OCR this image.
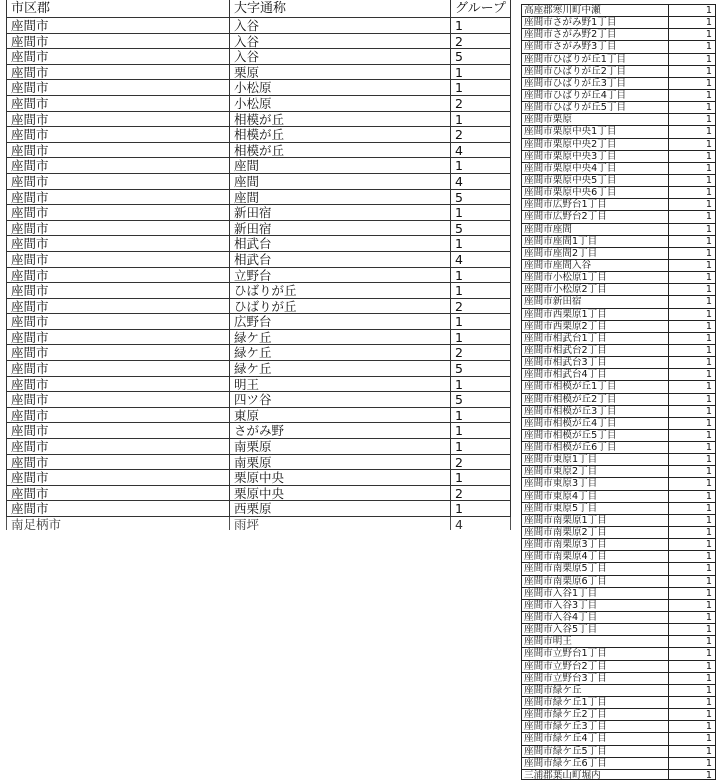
市区郡	大字通称	グループ
座間市	入谷	1
座間市	入谷	2
座間市	入谷	5
座間市	栗原	1
座間市	小松原	1
座間市	小松原	2
座間市	相模が丘	1
座間市	相模が丘	2
座間市	相模が丘	4
座間市	座間	1
座間市	座間	4
座間市	座間	5
座間市	新田宿	1
座間市	新田宿	5
座間市	相武台	1
座間市	相武台	4
座間市	立野台	1
座間市	ひばりが丘	1
座間市	ひばりが丘	2
座間市	広野台	1
座間市	緑ケ丘	1
座間市	緑ケ丘	2
座間市	緑ケ丘	5
座間市	明王	1
座間市	四ツ谷	5
座間市	東原	1
座間市	さがみ野	1
座間市	南栗原	1
座間市	南栗原	2
座間市	栗原中央	1
座間市	栗原中央	2
座間市	西栗原	1
南足柄市	雨坪	4
高座郡寒川町中瀬	1
座間市さがみ野1丁目	1
座間市さがみ野2丁目	1
座間市さがみ野3丁目	1
座間市ひばりが丘1丁目	1
座間市ひばりが丘2丁目	1
座間市ひばりが丘3丁目	1
座間市ひばりが丘4丁目	1
座間市ひばりが丘5丁目	1
座間市栗原	1
座間市栗原中央1丁目	1
座間市栗原中央2丁目	1
座間市栗原中央3丁目	1
座間市栗原中央4丁目	1
座間市栗原中央5丁目	1
座間市栗原中央6丁目	1
座間市広野台1丁目	1
座間市広野台2丁目	1
座間市座間	1
座間市座間1丁目	1
座間市座間2丁目	1
座間市座間入谷	1
座間市小松原1丁目	1
座間市小松原2丁目	1
座間市新田宿	1
座間市西栗原1丁目	1
座間市西栗原2丁目	1
座間市相武台1丁目	1
座間市相武台2丁目	1
座間市相武台3丁目	1
座間市相武台4丁目	1
座間市相模が丘1丁目	1
座間市相模が丘2丁目	1
座間市相模が丘3丁目	1
座間市相模が丘4丁目	1
座間市相模が丘5丁目	1
座間市相模が丘6丁目	1
座間市東原1丁目	1
座間市東原2丁目	1
座間市東原3丁目	1
座間市東原4丁目	1
座間市東原5丁目	1
座間市南栗原1丁目	1
座間市南栗原2丁目	1
座間市南栗原3丁目	1
座間市南栗原4丁目	1
座間市南栗原5丁目	1
座間市南栗原6丁目	1
座間市入谷1丁目	1
座間市入谷3丁目	1
座間市入谷4丁目	1
座間市入谷5丁目	1
座間市明王	1
座間市立野台1丁目	1
座間市立野台2丁目	1
座間市立野台3丁目	1
座間市緑ケ丘	1
座間市緑ケ丘1丁目	1
座間市緑ケ丘2丁目	1
座間市緑ケ丘3丁目	1
座間市緑ケ丘4丁目	1
座間市緑ケ丘5丁目	1
座間市緑ケ丘6丁目	1
三浦郡葉山町堀内	1
